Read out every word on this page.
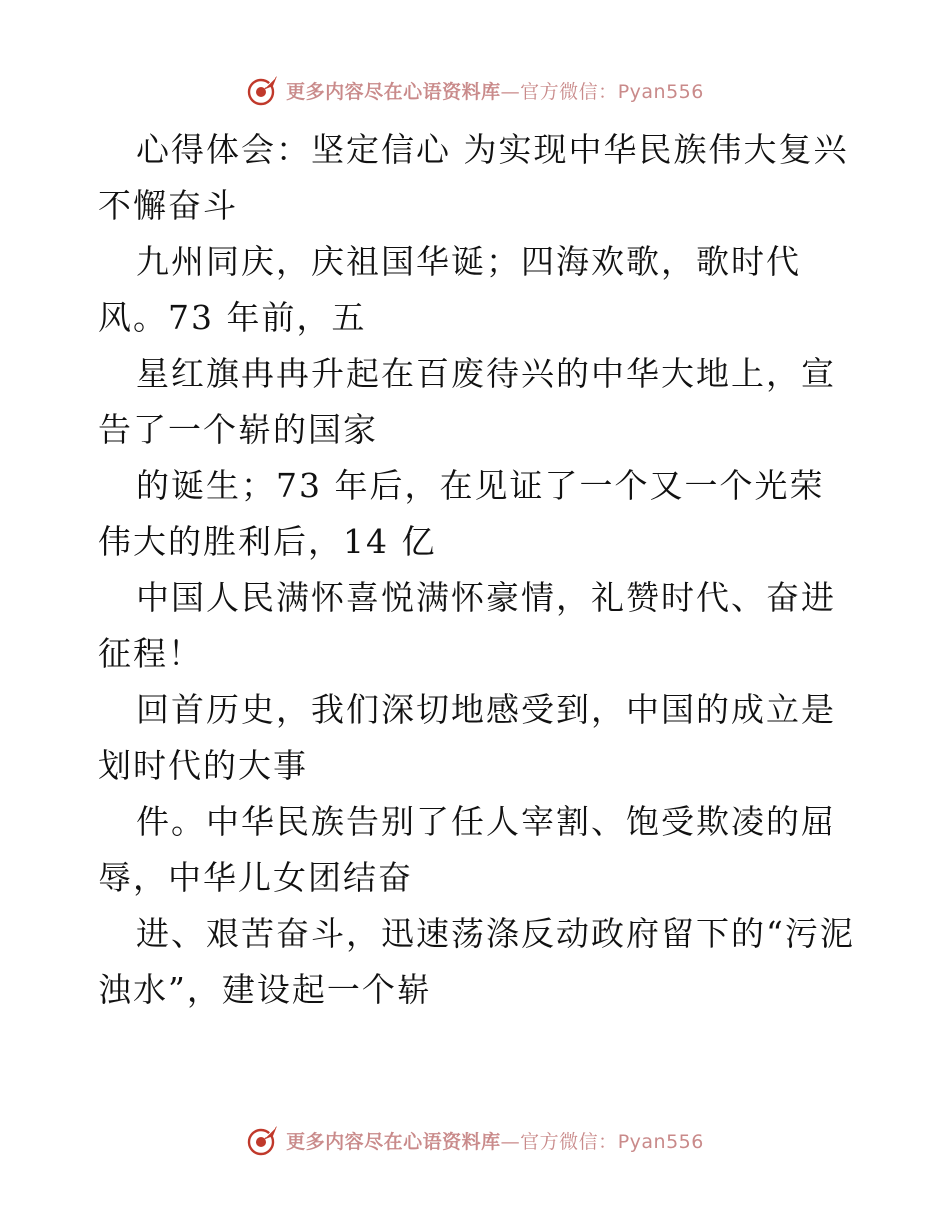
更多内容尽在心语资料库—官方微信：Pyan556

心得体会：坚定信心 为实现中华民族伟大复兴不懈奋斗

九州同庆，庆祖国华诞；四海欢歌，歌时代风。73 年前，五

星红旗冉冉升起在百废待兴的中华大地上，宣告了一个崭的国家

的诞生；73 年后，在见证了一个又一个光荣伟大的胜利后，14 亿

中国人民满怀喜悦满怀豪情，礼赞时代、奋进征程！

回首历史，我们深切地感受到，中国的成立是划时代的大事

件。中华民族告别了任人宰割、饱受欺凌的屈辱，中华儿女团结奋

进、艰苦奋斗，迅速荡涤反动政府留下的“污泥浊水”，建设起一个崭

更多内容尽在心语资料库—官方微信：Pyan556
